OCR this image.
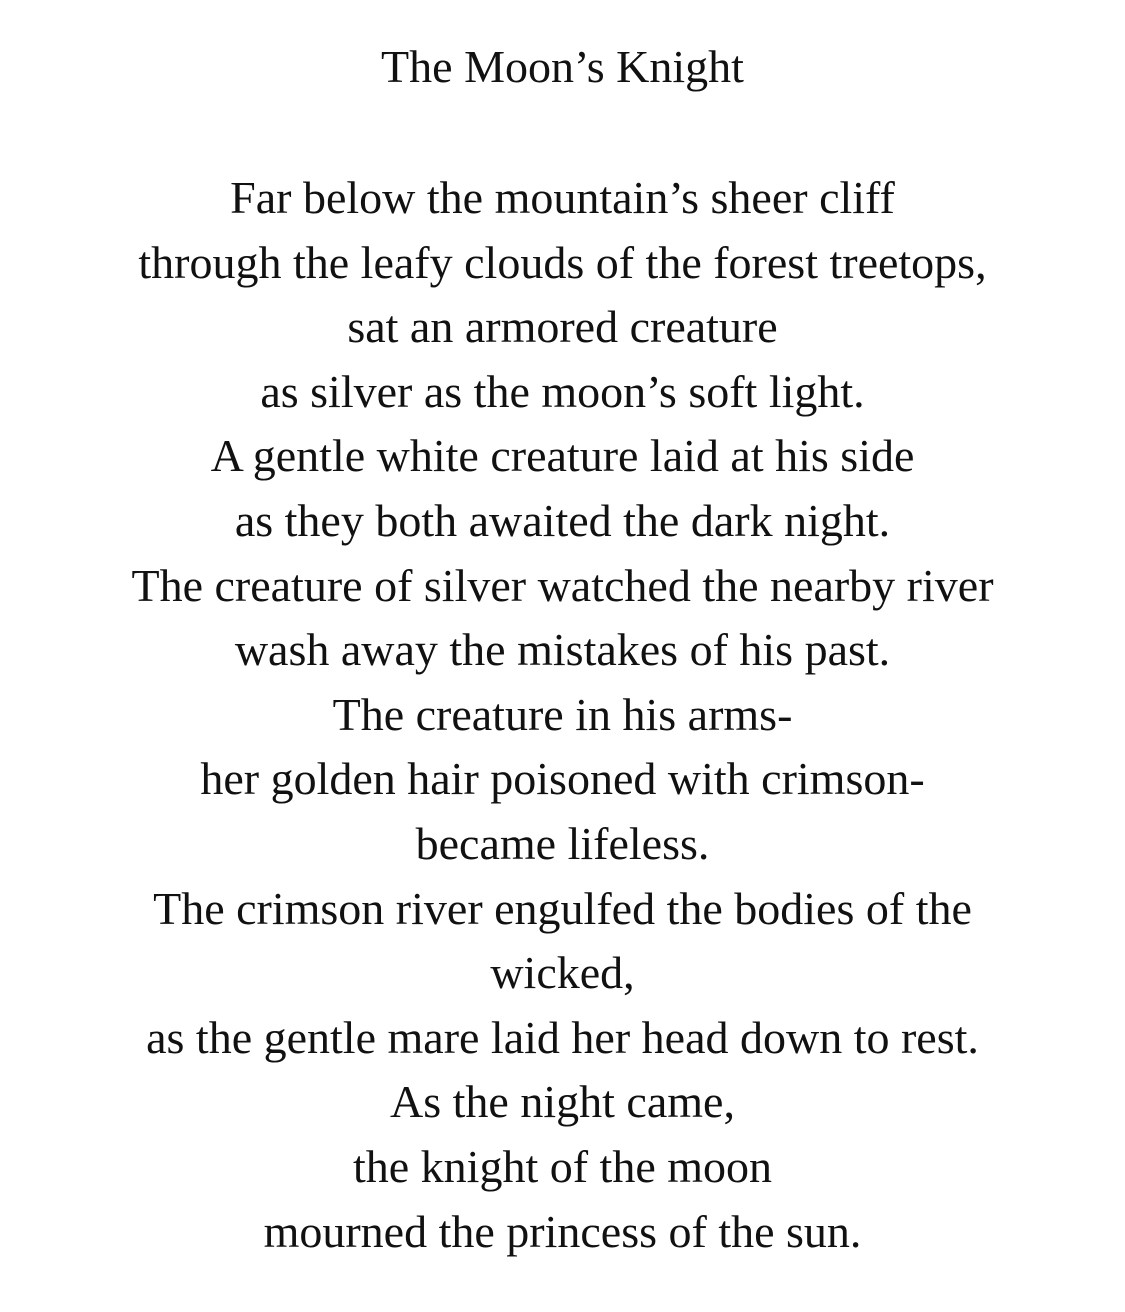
The Moon’s Knight
Far below the mountain’s sheer cliff
through the leafy clouds of the forest treetops,
sat an armored creature
as silver as the moon’s soft light.
A gentle white creature laid at his side
as they both awaited the dark night.
The creature of silver watched the nearby river
wash away the mistakes of his past.
The creature in his arms-
her golden hair poisoned with crimson-
became lifeless.
The crimson river engulfed the bodies of the
wicked,
as the gentle mare laid her head down to rest.
As the night came,
the knight of the moon
mourned the princess of the sun.
